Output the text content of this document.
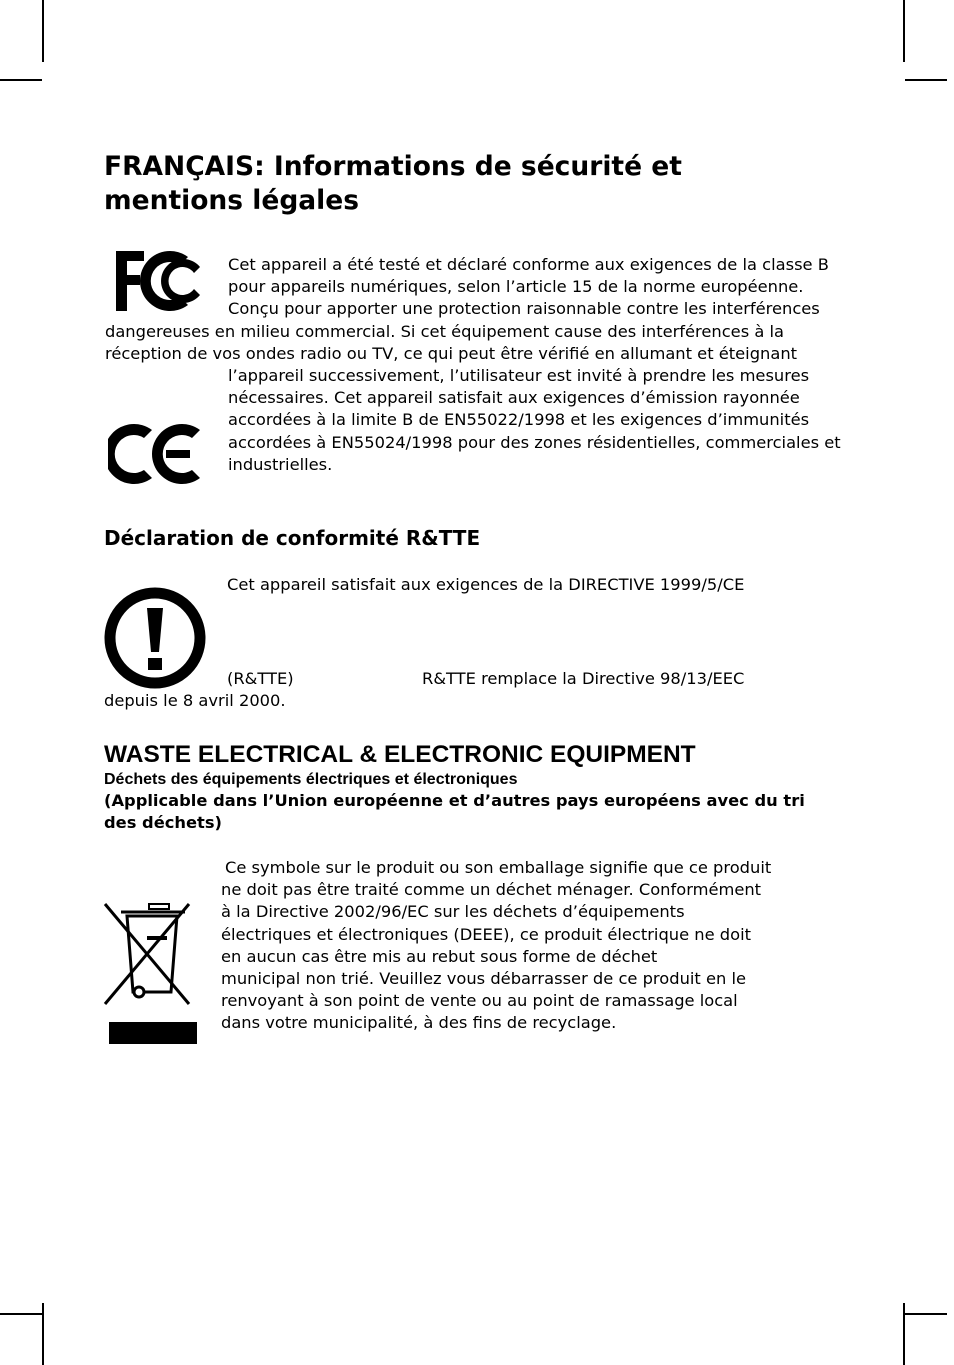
FRANÇAIS: Informations de sécurité et mentions légales
Cet appareil a été testé et déclaré conforme aux exigences de la classe B pour appareils numériques, selon l’article 15 de la norme européenne. Conçu pour apporter une protection raisonnable contre les interférences dangereuses en milieu commercial. Si cet équipement cause des interférences à la réception de vos ondes radio ou TV, ce qui peut être vérifié en allumant et éteignant l’appareil successivement, l’utilisateur est invité à prendre les mesures nécessaires. Cet appareil satisfait aux exigences d’émission rayonnée accordées à la limite B de EN55022/1998 et les exigences d’immunités accordées à EN55024/1998 pour des zones résidentielles, commerciales et industrielles.
Déclaration de conformité R&TTE
Cet appareil satisfait aux exigences de la DIRECTIVE 1999/5/CE
(R&TTE)	R&TTE remplace la Directive 98/13/EEC
depuis le 8 avril 2000.
WASTE ELECTRICAL & ELECTRONIC EQUIPMENT
Déchets des équipements électriques et électroniques
(Applicable dans l’Union européenne et d’autres pays européens avec du tri des déchets)

Ce symbole sur le produit ou son emballage signifie que ce produit

ne doit pas être traité comme un déchet ménager. Conformément

à la Directive 2002/96/EC sur les déchets d’équipements

électriques et électroniques (DEEE), ce produit électrique ne doit

en aucun cas être mis au rebut sous forme de déchet

municipal non trié. Veuillez vous débarrasser de ce produit en le

renvoyant à son point de vente ou au point de ramassage local

dans votre municipalité, à des fins de recyclage.
